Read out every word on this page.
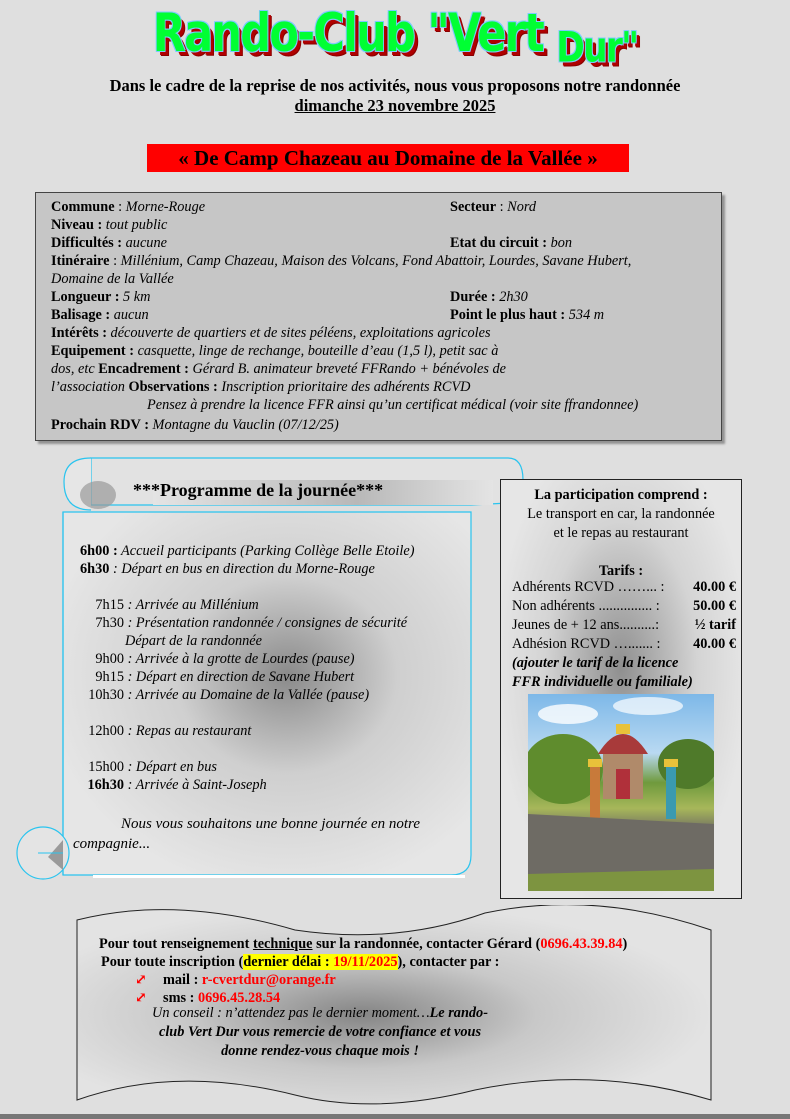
Rando-Club "Vert $_{Dur"}$
Dans le cadre de la reprise de nos activités, nous vous proposons notre randonnée
dimanche 23 novembre 2025
« De Camp Chazeau au Domaine de la Vallée »
Commune : Morne-Rouge	Secteur : Nord
Niveau : tout public
Difficultés : aucune	Etat du circuit : bon
Itinéraire : Millénium, Camp Chazeau, Maison des Volcans, Fond Abattoir, Lourdes, Savane Hubert,
Domaine de la Vallée
Longueur : 5 km	Durée : 2h30
Balisage : aucun	Point le plus haut : 534 m
Intérêts : découverte de quartiers et de sites péléens, exploitations agricoles
Equipement : casquette, linge de rechange, bouteille d’eau (1,5 l), petit sac à
dos, etc Encadrement : Gérard B. animateur breveté FFRando + bénévoles de
l’association Observations : Inscription prioritaire des adhérents RCVD
Pensez à prendre la licence FFR ainsi qu’un certificat médical (voir site ffrandonnee)
Prochain RDV : Montagne du Vauclin (07/12/25)
***Programme de la journée***
6h00 : Accueil participants (Parking Collège Belle Etoile)
6h30 : Départ en bus en direction du Morne-Rouge
7h15 : Arrivée au Millénium
7h30 : Présentation randonnée / consignes de sécurité
Départ de la randonnée
9h00 : Arrivée à la grotte de Lourdes (pause)
9h15 : Départ en direction de Savane Hubert
10h30 : Arrivée au Domaine de la Vallée (pause)
12h00 : Repas au restaurant
15h00 : Départ en bus
16h30 : Arrivée à Saint-Joseph
Nous vous souhaitons une bonne journée en notre compagnie...
La participation comprend :
Le transport en car, la randonnée
et le repas au restaurant
Tarifs :
Adhérents RCVD ……... : 40.00 €
Non adhérents ............... : 50.00 €
Jeunes de + 12 ans..........: ½ tarif
Adhésion RCVD …....... : 40.00 €
(ajouter le tarif de la licence
FFR individuelle ou familiale)
Pour tout renseignement technique sur la randonnée, contacter Gérard (0696.43.39.84)
Pour toute inscription (dernier délai : 19/11/2025), contacter par :
⤢ mail : r-cvertdur@orange.fr
⤢ sms : 0696.45.28.54
Un conseil : n’attendez pas le dernier moment…Le rando-club Vert Dur vous remercie de votre confiance et vous donne rendez-vous chaque mois !
